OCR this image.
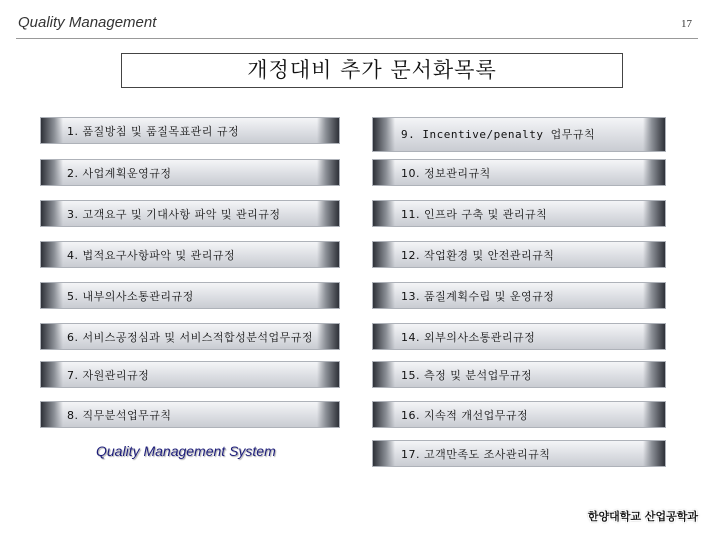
Quality Management	17
개정대비 추가 문서화목록
1. 품질방침 및 품질목표관리 규정
2. 사업계획운영규정
3. 고객요구 및 기대사항 파악 및 관리규정
4. 법적요구사항파악 및 관리규정
5. 내부의사소통관리규정
6. 서비스공정심과 및 서비스적합성분석업무규정
7. 자원관리규정
8. 직무분석업무규칙
9. Incentive/penalty 업무규칙
10. 정보관리규칙
11. 인프라 구축 및 관리규칙
12. 작업환경 및 안전관리규칙
13. 품질계획수립 및 운영규정
14. 외부의사소통관리규정
15. 측정 및 분석업무규정
16. 지속적 개선업무규정
17. 고객만족도 조사관리규칙
Quality Management System
한양대학교 산업공학과
